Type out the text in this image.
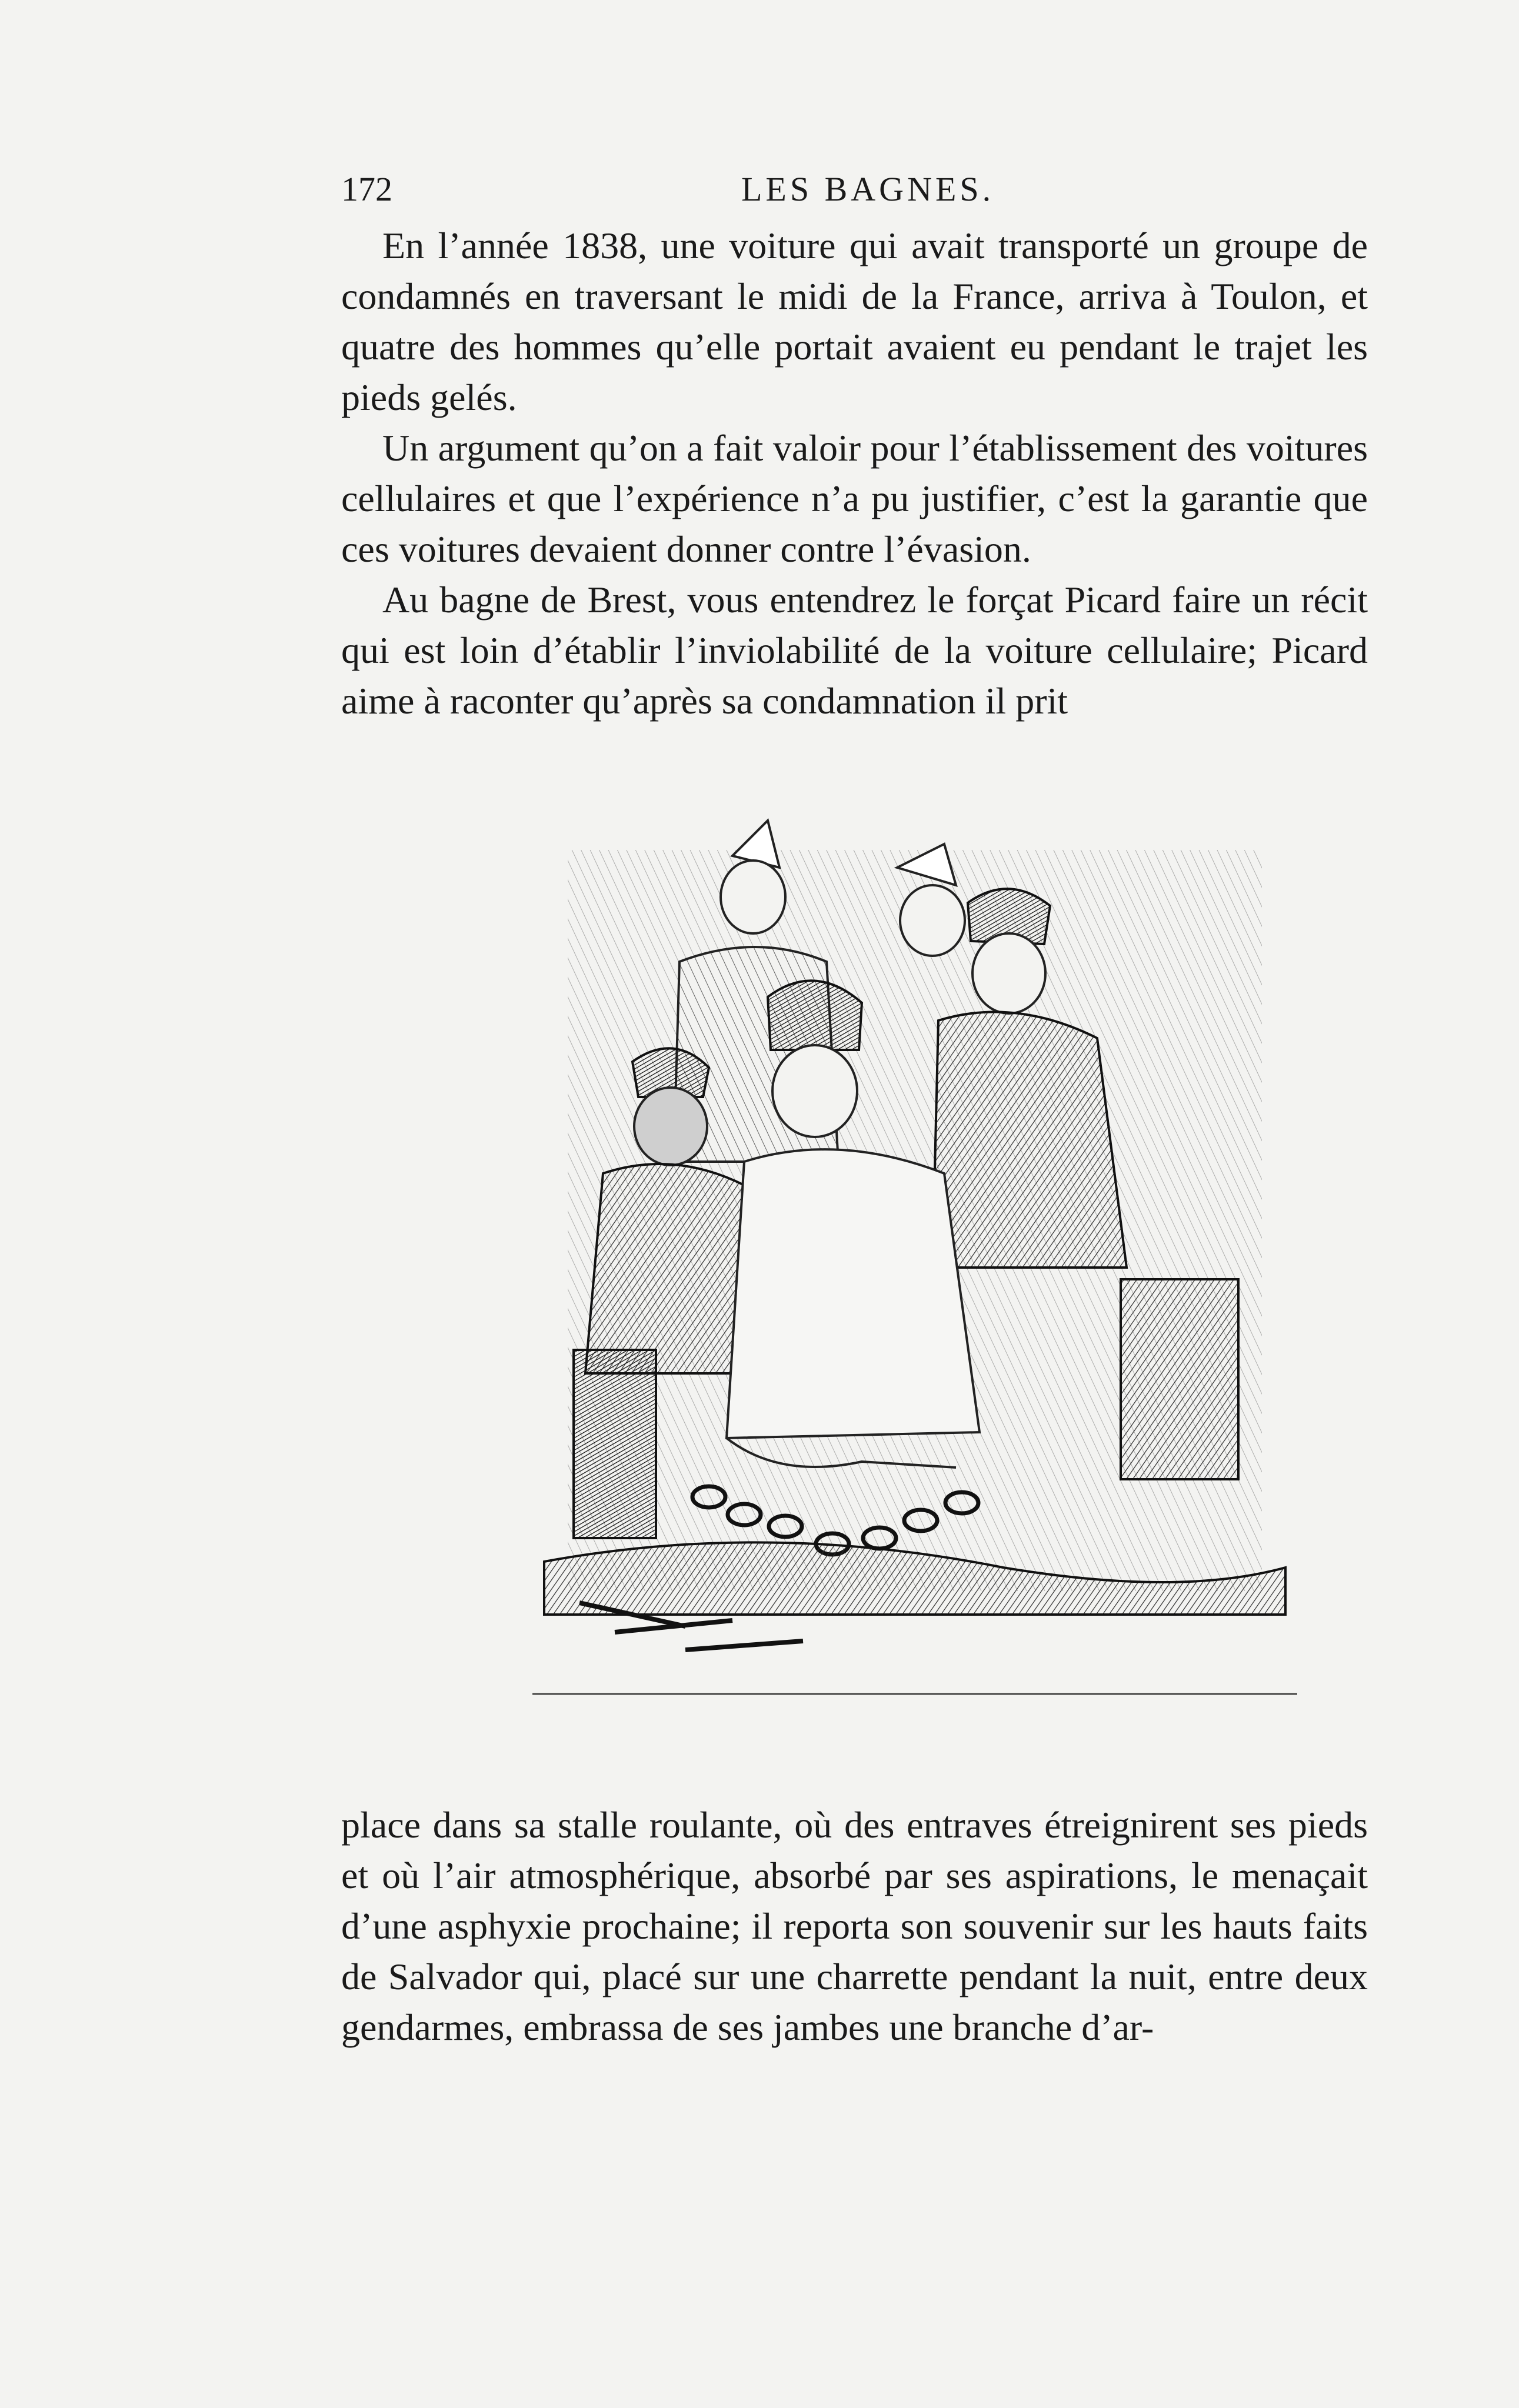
172	LES BAGNES.

En l’année 1838, une voiture qui avait transporté un groupe de condamnés en traversant le midi de la France, arriva à Toulon, et quatre des hommes qu’elle portait avaient eu pendant le trajet les pieds gelés.

Un argument qu’on a fait valoir pour l’établissement des voitures cellulaires et que l’expérience n’a pu justifier, c’est la garantie que ces voitures devaient donner contre l’évasion.

Au bagne de Brest, vous entendrez le forçat Picard faire un récit qui est loin d’établir l’inviolabilité de la voiture cellulaire; Picard aime à raconter qu’après sa condamnation il prit

place dans sa stalle roulante, où des entraves étreignirent ses pieds et où l’air atmosphérique, absorbé par ses aspirations, le menaçait d’une asphyxie prochaine; il reporta son souvenir sur les hauts faits de Salvador qui, placé sur une charrette pendant la nuit, entre deux gendarmes, embrassa de ses jambes une branche d’ar-
